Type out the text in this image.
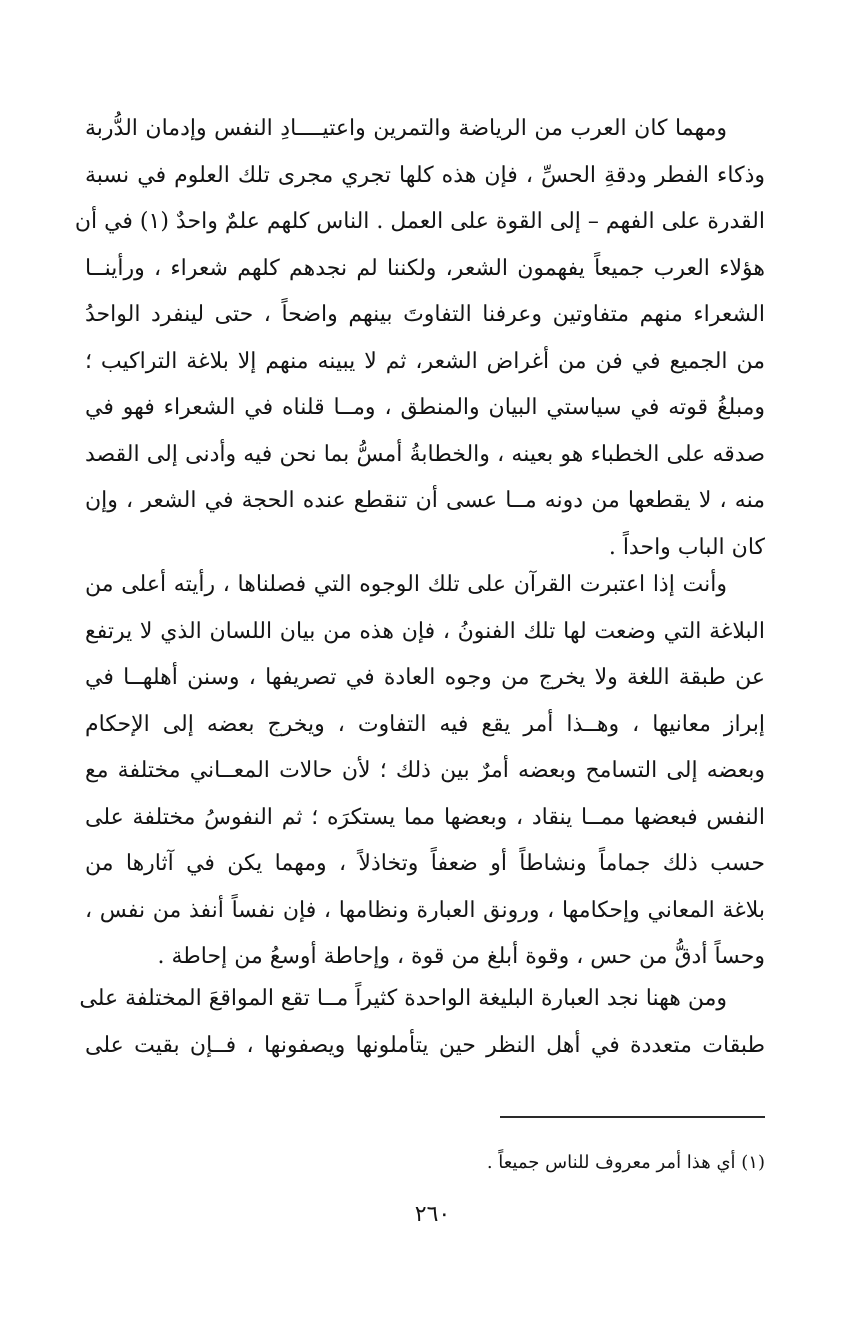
ومهما كان العرب من الرياضة والتمرين واعتيــــادِ النفس وإدمان الدُّربة
وذكاء الفطر ودقةِ الحسِّ ، فإن هذه كلها تجري مجرى تلك العلوم في نسبة
القدرة على الفهم – إلى القوة على العمل . الناس كلهم علمٌ واحدٌ (١) في أن
هؤلاء العرب جميعاً يفهمون الشعر، ولكننا لم نجدهم كلهم شعراء ، ورأينــا
الشعراء منهم متفاوتين وعرفنا التفاوتَ بينهم واضحاً ، حتى لينفرد الواحدُ
من الجميع في فن من أغراض الشعر، ثم لا يبينه منهم إلا بلاغة التراكيب ؛
ومبلغُ قوته في سياستي البيان والمنطق ، ومــا قلناه في الشعراء فهو في
صدقه على الخطباء هو بعينه ، والخطابةُ أمسُّ بما نحن فيه وأدنى إلى القصد
منه ، لا يقطعها من دونه مــا عسى أن تنقطع عنده الحجة في الشعر ، وإن
كان الباب واحداً .
وأنت إذا اعتبرت القرآن على تلك الوجوه التي فصلناها ، رأيته أعلى من
البلاغة التي وضعت لها تلك الفنونُ ، فإن هذه من بيان اللسان الذي لا يرتفع
عن طبقة اللغة ولا يخرج من وجوه العادة في تصريفها ، وسنن أهلهــا في
إبراز معانيها ، وهــذا أمر يقع فيه التفاوت ، ويخرج بعضه إلى الإحكام
وبعضه إلى التسامح وبعضه أمرٌ بين ذلك ؛ لأن حالات المعــاني مختلفة مع
النفس فبعضها ممــا ينقاد ، وبعضها مما يستكرَه ؛ ثم النفوسُ مختلفة على
حسب ذلك جماماً ونشاطاً أو ضعفاً وتخاذلاً ، ومهما يكن في آثارها من
بلاغة المعاني وإحكامها ، ورونق العبارة ونظامها ، فإن نفساً أنفذ من نفس ،
وحساً أدقُّ من حس ، وقوة أبلغ من قوة ، وإحاطة أوسعُ من إحاطة .
ومن ههنا نجد العبارة البليغة الواحدة كثيراً مــا تقع المواقعَ المختلفة على
طبقات متعددة في أهل النظر حين يتأملونها ويصفونها ، فــإن بقيت على
(١) أي هذا أمر معروف للناس جميعاً .
٢٦٠
